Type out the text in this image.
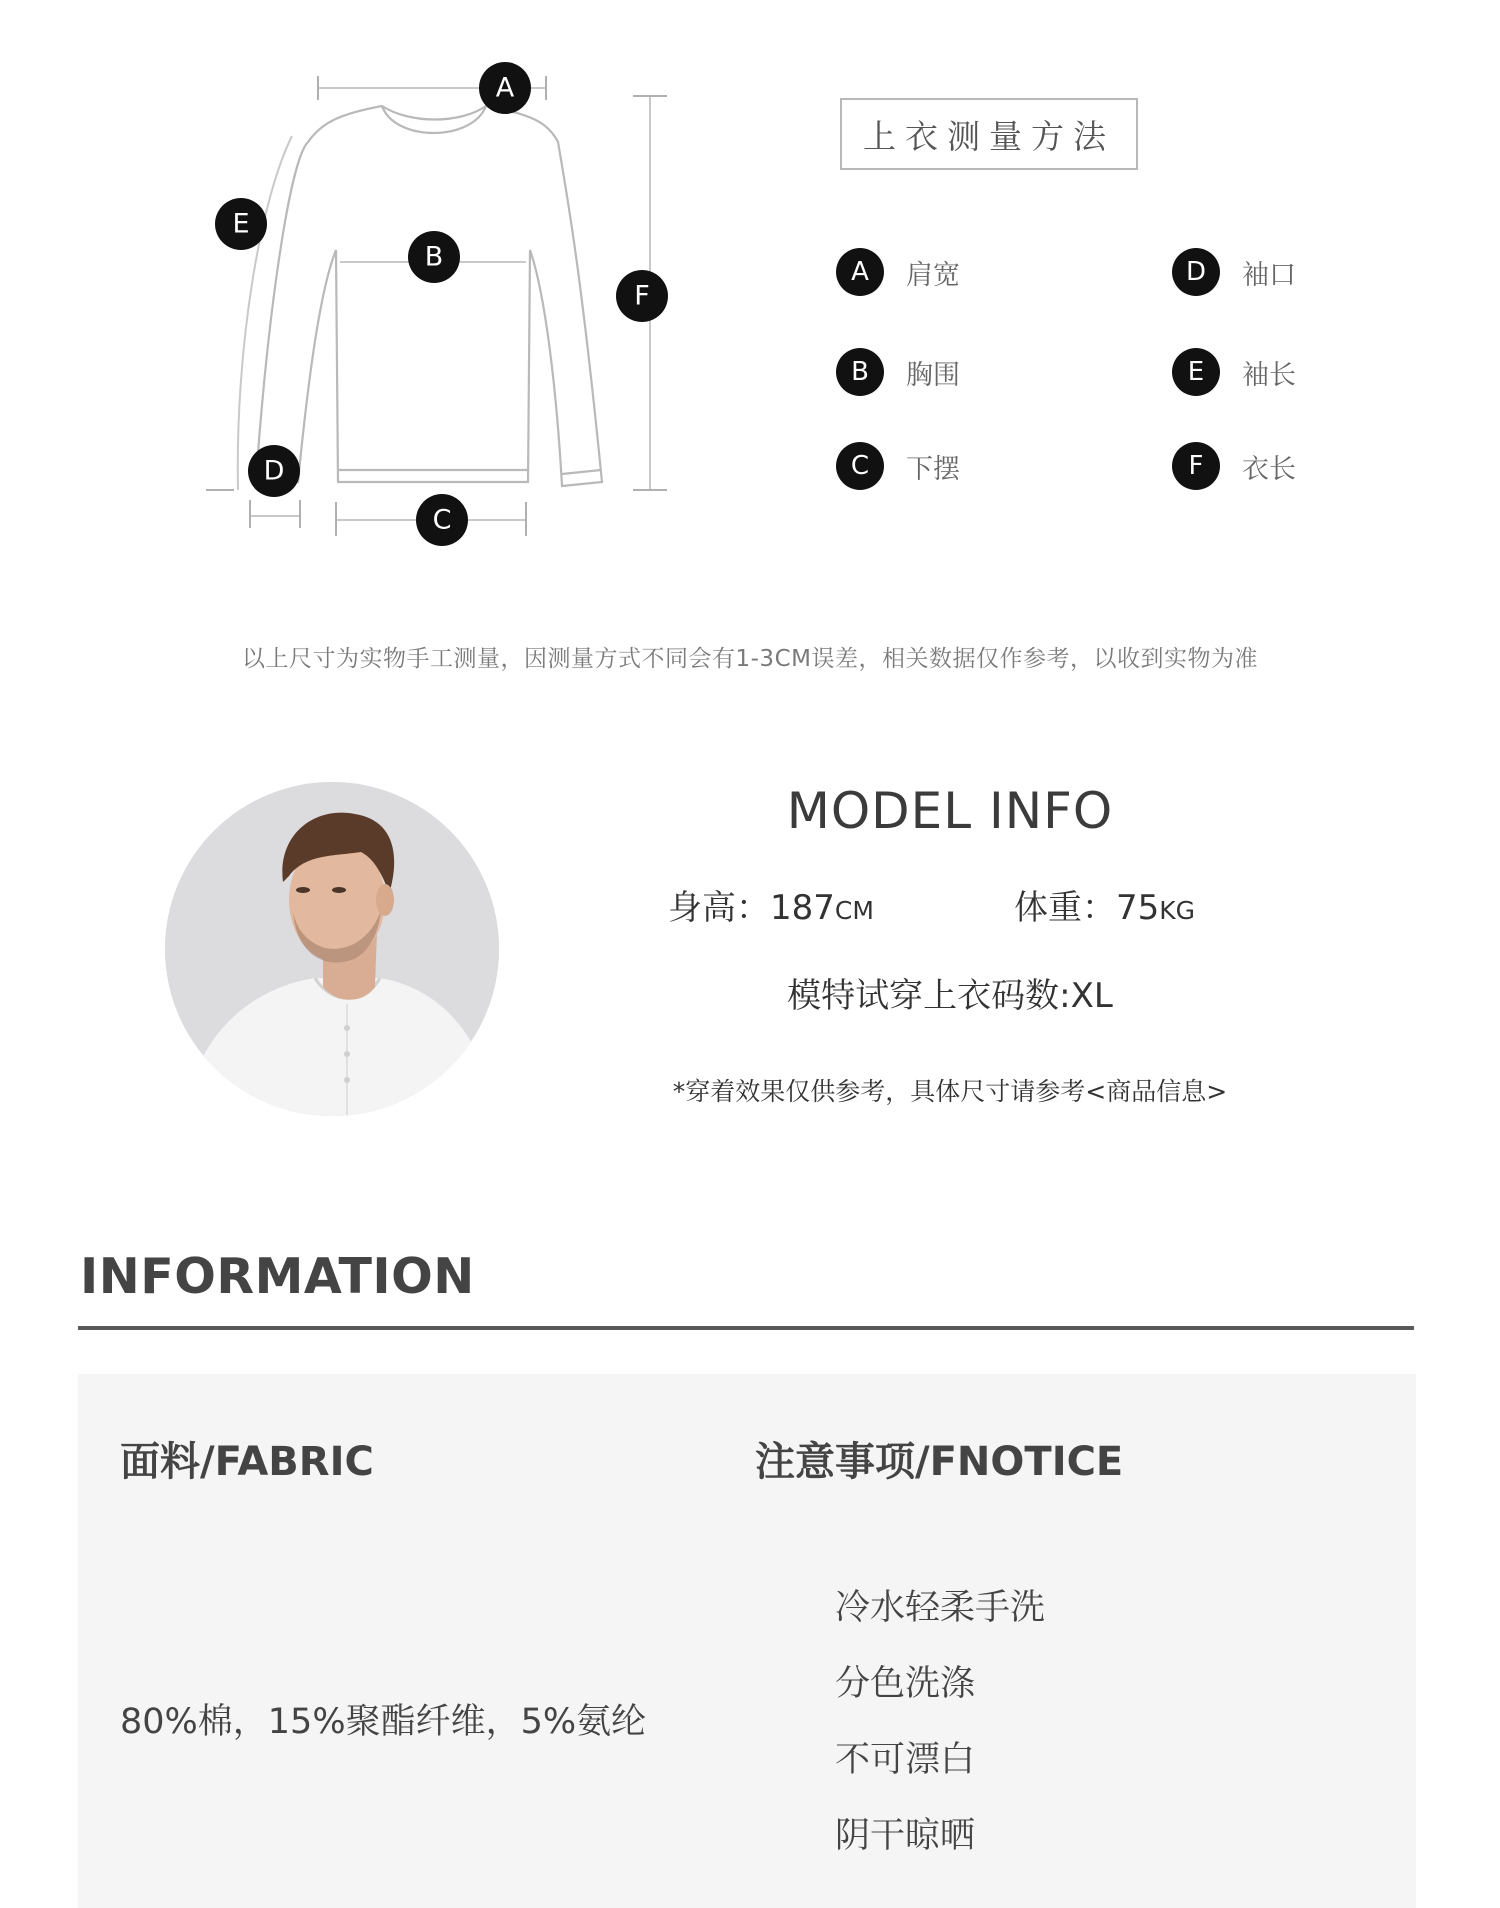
A
B
C
D
E
F
上衣测量方法
A	肩宽
B	胸围
C	下摆
D	袖口
E	袖长
F	衣长
以上尺寸为实物手工测量，因测量方式不同会有1-3CM误差，相关数据仅作参考，以收到实物为准
MODEL INFO
身高：187CM	体重：75KG
模特试穿上衣码数:XL
*穿着效果仅供参考，具体尺寸请参考<商品信息>
INFORMATION
面料/FABRIC	注意事项/FNOTICE
80%棉，15%聚酯纤维，5%氨纶
冷水轻柔手洗
分色洗涤
不可漂白
阴干晾晒
